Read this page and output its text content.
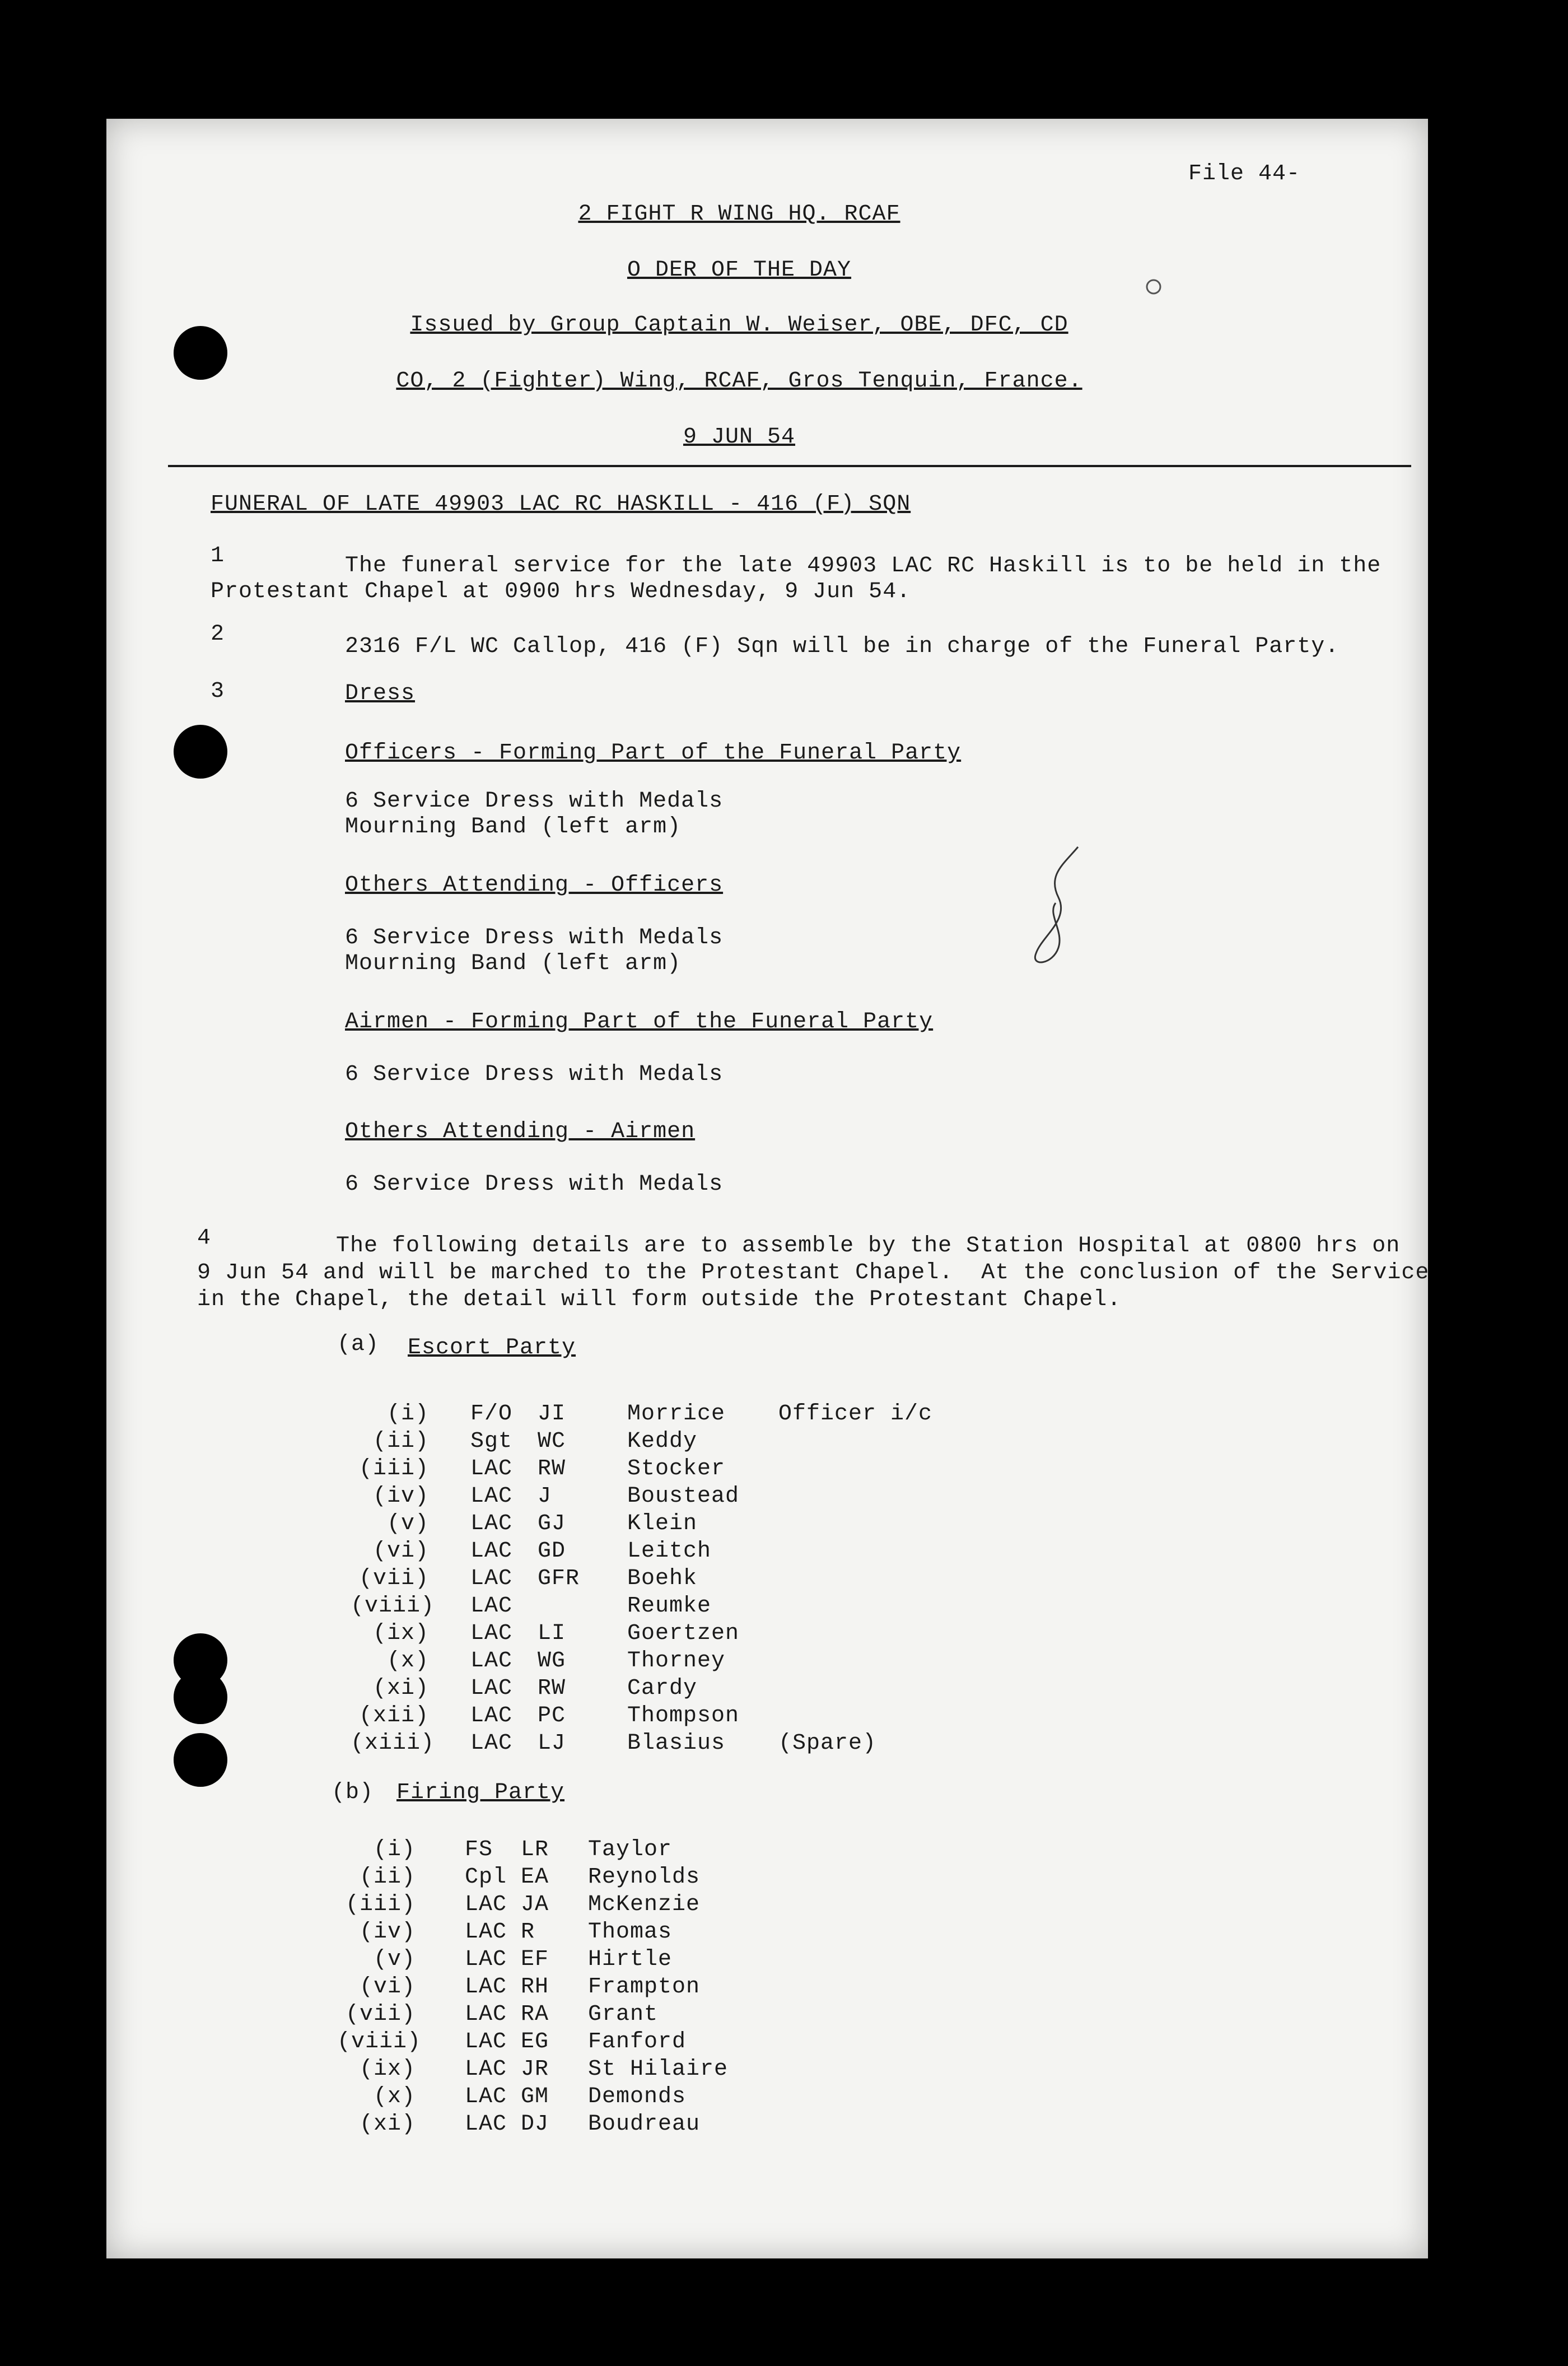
File 44-
2 FIGHT R WING HQ. RCAF
O DER OF THE DAY
Issued by Group Captain W. Weiser, OBE, DFC, CD
CO, 2 (Fighter) Wing, RCAF, Gros Tenquin, France.
9 JUN 54
FUNERAL OF LATE 49903 LAC RC HASKILL - 416 (F) SQN
1	The funeral service for the late 49903 LAC RC Haskill is to be held in the
Protestant Chapel at 0900 hrs Wednesday, 9 Jun 54.
2	2316 F/L WC Callop, 416 (F) Sqn will be in charge of the Funeral Party.
3	Dress
Officers - Forming Part of the Funeral Party
6 Service Dress with Medals
Mourning Band (left arm)
Others Attending - Officers
6 Service Dress with Medals
Mourning Band (left arm)
Airmen - Forming Part of the Funeral Party
6 Service Dress with Medals
Others Attending - Airmen
6 Service Dress with Medals
4	The following details are to assemble by the Station Hospital at 0800 hrs on
9 Jun 54 and will be marched to the Protestant Chapel.  At the conclusion of the Service
in the Chapel, the detail will form outside the Protestant Chapel.
(a) Escort Party
(i) F/O JI	Morrice Officer i/c
(ii) Sgt WC	Keddy
(iii) LAC RW	Stocker
(iv) LAC J	Boustead
(v) LAC GJ	Klein
(vi) LAC GD	Leitch
(vii) LAC GFR Boehk
(viii) LAC	Reumke
(ix) LAC LI	Goertzen
(x) LAC WG	Thorney
(xi) LAC RW	Cardy
(xii) LAC PC	Thompson
(xiii) LAC LJ	Blasius (Spare)
(b) Firing Party
(i) FS LR Taylor
(ii) Cpl EA Reynolds
(iii) LAC JA McKenzie
(iv) LAC R Thomas
(v) LAC EF Hirtle
(vi) LAC RH Frampton
(vii) LAC RA Grant
(viii) LAC EG Fanford
(ix) LAC JR St Hilaire
(x) LAC GM Demonds
(xi) LAC DJ Boudreau
